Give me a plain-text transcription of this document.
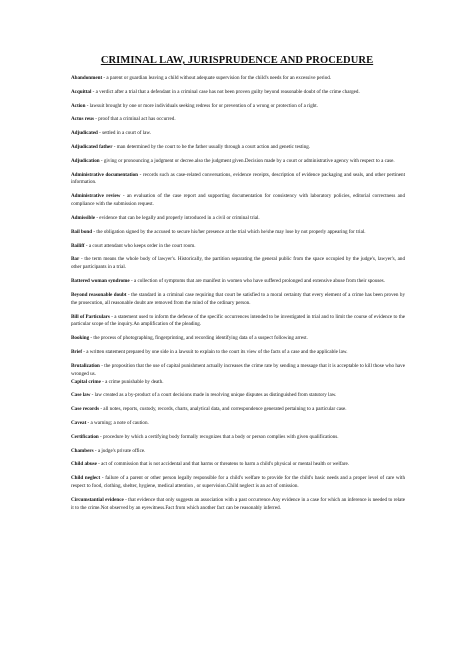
CRIMINAL LAW, JURISPRUDENCE AND PROCEDURE

Abandonment - a parent or guardian leaving a child without adequate supervision for the child's needs for an excessive period.

Acquittal - a verdict after a trial that a defendant in a criminal case has not been proven guilty beyond reasonable doubt of the crime charged.

Action - lawsuit brought by one or more individuals seeking redress for or prevention of a wrong or protection of a right.

Actus reus - proof that a criminal act has occurred.

Adjudicated - settled in a court of law.

Adjudicated father - man determined by the court to be the father usually through a court action and genetic testing.

Adjudication - giving or pronouncing a judgment or decree.also the judgment given.Decision made by a court or administrative agency with respect to a case.

Administrative documentation - records such as case-related conversations, evidence receipts, description of evidence packaging and seals, and other pertinent information.

Administrative review - an evaluation of the case report and supporting documentation for consistency with laboratory policies, editorial correctness and compliance with the submission request.

Admissible - evidence that can be legally and properly introduced in a civil or criminal trial.

Bail bond - the obligation signed by the accused to secure his/her presence at the trial which he/she may lose by not properly appearing for trial.

Bailiff - a court attendant who keeps order in the court room.

Bar - the term means the whole body of lawyer's. Historically, the partition separating the general public from the space occupied by the judge's, lawyer's, and other participants in a trial.

Battered woman syndrome - a collection of symptoms that are manifest in women who have suffered prolonged and extensive abuse from their spouses.

Beyond reasonable doubt - the standard in a criminal case requiring that court be satisfied to a moral certainty that every element of a crime has been proven by the prosecution, all reasonable doubt are removed from the mind of the ordinary person.

Bill of Particulars - a statement used to inform the defense of the specific occurrences intended to be investigated in trial and to limit the course of evidence to the particular scope of the inquiry.An amplification of the pleading.

Booking - the process of photographing, fingerprinting, and recording identifying data of a suspect following arrest.

Brief - a written statement prepared by one side in a lawsuit to explain to the court its view of the facts of a case and the applicable law.

Brutalization - the proposition that the use of capital punishment actually increases the crime rate by sending a message that it is acceptable to kill those who have wronged us.
Capital crime - a crime punishable by death.

Case law - law created as a by-product of a court decisions made in resolving unique disputes as distinguished from statutory law.

Case records - all notes, reports, custody, records, charts, analytical data, and correspondence generated pertaining to a particular case.

Caveat - a warning; a note of caution.

Certification - procedure by which a certifying body formally recognizes that a body or person complies with given qualifications.

Chambers - a judge's private office.

Child abuse - act of commission that is not accidental and that harms or threatens to harm a child's physical or mental health or welfare.

Child neglect - failure of a parent or other person legally responsible for a child's welfare to provide for the child's basic needs and a proper level of care with respect to food, clothing, shelter, hygiene, medical attention , or supervision.Child neglect is an act of omission.

Circumstantial evidence - that evidence that only suggests an association with a past occurrence.Any evidence in a case for which an inference is needed to relate it to the crime.Not observed by an eyewitness.Fact from which another fact can be reasonably inferred.
